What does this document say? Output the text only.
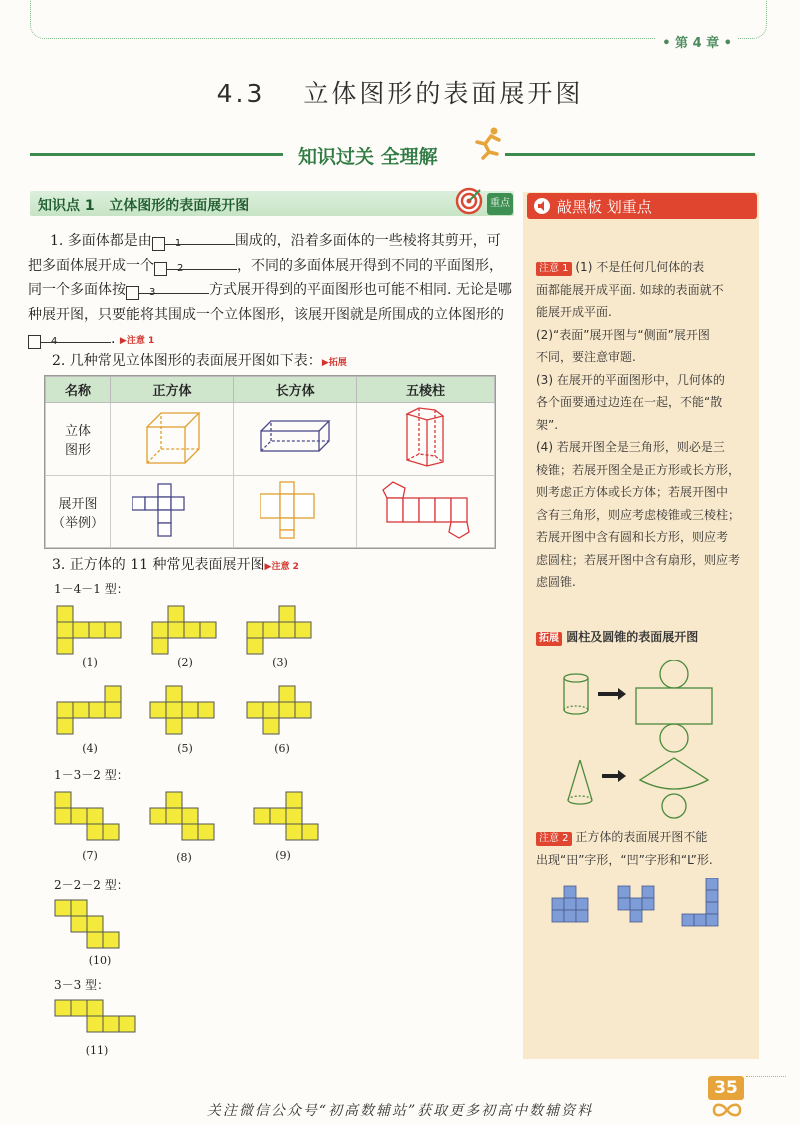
• 第 4 章 •
4.3 立体图形的表面展开图
知识过关 全理解
知识点 1 立体图形的表面展开图	重点
1. 多面体都是由 1	围成的，沿着多面体的一些棱将其剪开，可把多面体展开成一个 2	，不同的多面体展开得到不同的平面图形，同一个多面体按 3	方式展开得到的平面图形也可能不相同. 无论是哪种展开图，只要能将其围成一个立体图形，该展开图就是所围成的立体图形的4	. ▶注意 1
2. 几种常见立体图形的表面展开图如下表：▶拓展
名称	正方体	长方体	五棱柱

立体
图形

展开图
（举例）

3. 正方体的 11 种常见表面展开图▶注意 2
1－4－1 型：
1－3－2 型：
2－2－2 型：
3－3 型：
(1)	(2)	(3)
(4)	(5)	(6)
(7)	(8)	(9)
(10)
(11)
敲黑板 划重点
注意 1 (1) 不是任何几何体的表
面都能展开成平面. 如球的表面就不
能展开成平面.
(2)“表面”展开图与“侧面”展开图
不同，要注意审题.
(3) 在展开的平面图形中，几何体的
各个面要通过边连在一起，不能“散
架”.
(4) 若展开图全是三角形，则必是三
棱锥；若展开图全是正方形或长方形，
则考虑正方体或长方体；若展开图中
含有三角形，则应考虑棱锥或三棱柱；
若展开图中含有圆和长方形，则应考
虑圆柱；若展开图中含有扇形，则应考
虑圆锥.
拓展 圆柱及圆锥的表面展开图
注意 2 正方体的表面展开图不能
出现“田”字形，“凹”字形和“L”形.
35
关注微信公众号“初高数辅站”获取更多初高中数辅资料
